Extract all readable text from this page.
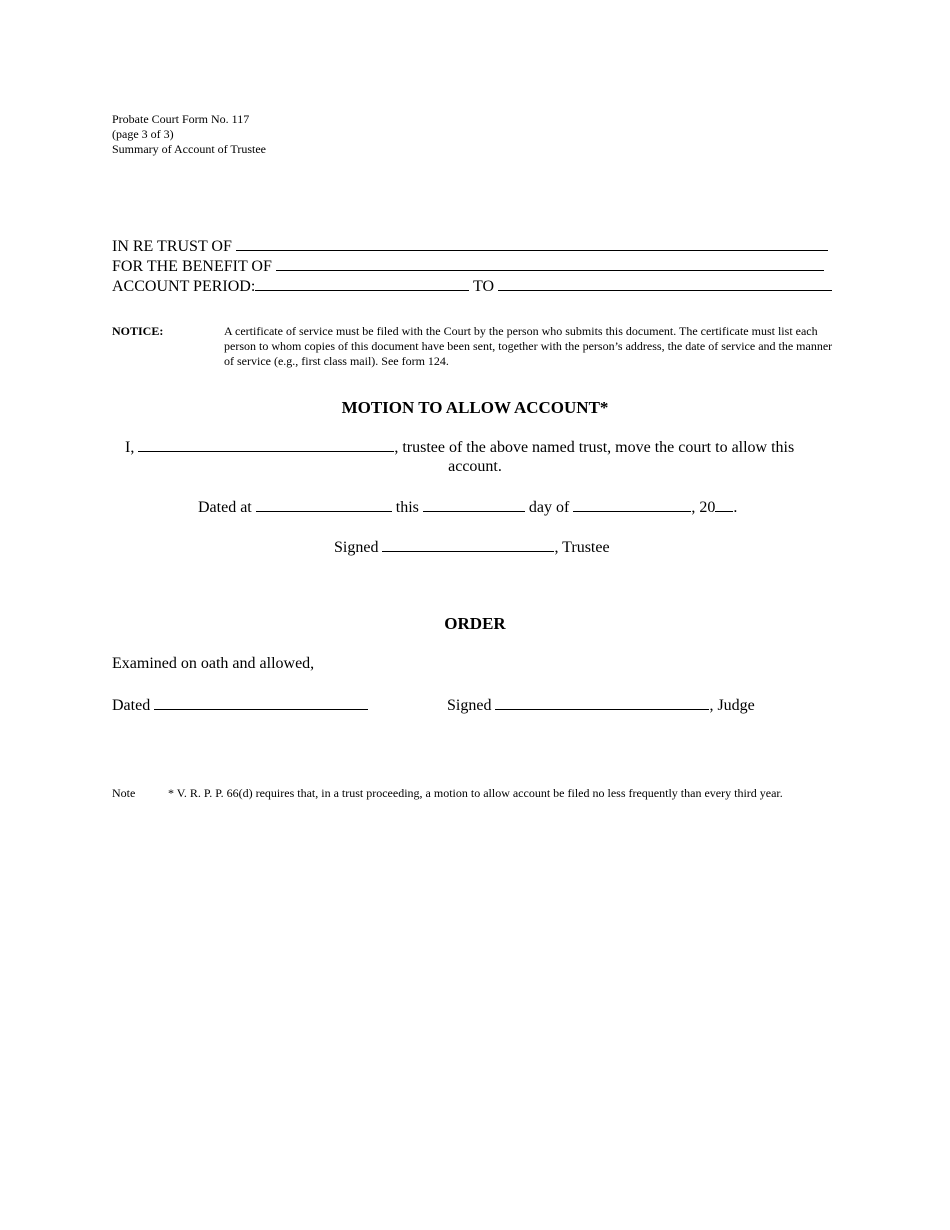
Probate Court Form No. 117
(page 3 of 3)
Summary of Account of Trustee
IN RE TRUST OF
FOR THE BENEFIT OF
ACCOUNT PERIOD:	TO
NOTICE:	A certificate of service must be filed with the Court by the person who submits this document. The certificate must list each
person to whom copies of this document have been sent, together with the person’s address, the date of service and the manner
of service (e.g., first class mail). See form 124.
MOTION TO ALLOW ACCOUNT*
I,	, trustee of the above named trust, move the court to allow this
account.
Dated at	this	day of	, 20 .
Signed	, Trustee
ORDER
Examined on oath and allowed,
Dated	Signed	, Judge
Note	* V. R. P. P. 66(d) requires that, in a trust proceeding, a motion to allow account be filed no less frequently than every third year.
